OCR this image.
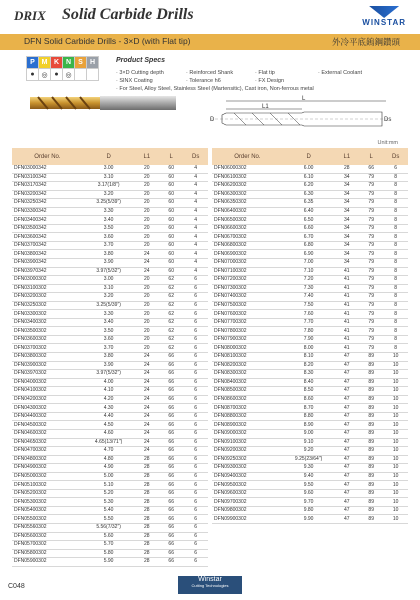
DRIX Solid Carbide Drills	WINSTAR
DFN Solid Carbide Drills - 3×D (with Flat tip)	外冷平底鎢鋼鑽頭
P	M	K	N	S	H
●	◎	●	◎		
Product Specs
· 3×D Cutting depth	· Reinforced Shank	· Flat tip	· External Coolant
· SINX Coating	· Tolerance h6	· FX Design
· For Steel, Alloy Steel, Stainless Steel (Martensitic), Cast iron, Non-ferrous metal
L
L1
D	Ds
Unit:mm
Order No.	D	L1	L	Ds
DFN03000342	3.00	20	60	4
DFN03100342	3.10	20	60	4
DFN03170342	3.17(1/8")	20	60	4
DFN03200342	3.20	20	60	4
DFN03250342	3.25(5/39")	20	60	4
DFN03300342	3.30	20	60	4
DFN03400342	3.40	20	60	4
DFN03500342	3.50	20	60	4
DFN03600342	3.60	20	60	4
DFN03700342	3.70	20	60	4
DFN03800342	3.80	24	60	4
DFN03900342	3.90	24	60	4
DFN03970342	3.97(5/32")	24	60	4
DFN03000302	3.00	20	62	6
DFN03100302	3.10	20	62	6
DFN03200302	3.20	20	62	6
DFN03250302	3.25(5/39")	20	62	6
DFN03300302	3.30	20	62	6
DFN03400302	3.40	20	62	6
DFN03500302	3.50	20	62	6
DFN03600302	3.60	20	62	6
DFN03700302	3.70	20	62	6
DFN03800302	3.80	24	66	6
DFN03900302	3.90	24	66	6
DFN03970302	3.97(5/32")	24	66	6
DFN04000302	4.00	24	66	6
DFN04100302	4.10	24	66	6
DFN04200302	4.20	24	66	6
DFN04300302	4.30	24	66	6
DFN04400302	4.40	24	66	6
DFN04500302	4.50	24	66	6
DFN04600302	4.60	24	66	6
DFN04650302	4.65(13/71")	24	66	6
DFN04700302	4.70	24	66	6
DFN04800302	4.80	28	66	6
DFN04900302	4.90	28	66	6
DFN05000302	5.00	28	66	6
DFN05100302	5.10	28	66	6
DFN05200302	5.20	28	66	6
DFN05300302	5.30	28	66	6
DFN05400302	5.40	28	66	6
DFN05500302	5.50	28	66	6
DFN05560302	5.56(7/32")	28	66	6
DFN05600302	5.60	28	66	6
DFN05700302	5.70	28	66	6
DFN05800302	5.80	28	66	6
DFN05900302	5.90	28	66	6
Order No.	D	L1	L	Ds
DFN06000302	6.00	28	66	6
DFN06100302	6.10	34	79	8
DFN06200302	6.20	34	79	8
DFN06300302	6.30	34	79	8
DFN06350302	6.35	34	79	8
DFN06400302	6.40	34	79	8
DFN06500302	6.50	34	79	8
DFN06600302	6.60	34	79	8
DFN06700302	6.70	34	79	8
DFN06800302	6.80	34	79	8
DFN06900302	6.90	34	79	8
DFN07000302	7.00	34	79	8
DFN07100302	7.10	41	79	8
DFN07200302	7.20	41	79	8
DFN07300302	7.30	41	79	8
DFN07400302	7.40	41	79	8
DFN07500302	7.50	41	79	8
DFN07600302	7.60	41	79	8
DFN07700302	7.70	41	79	8
DFN07800302	7.80	41	79	8
DFN07900302	7.90	41	79	8
DFN08000302	8.00	41	79	8
DFN08100302	8.10	47	89	10
DFN08200302	8.20	47	89	10
DFN08300302	8.30	47	89	10
DFN08400302	8.40	47	89	10
DFN08500302	8.50	47	89	10
DFN08600302	8.60	47	89	10
DFN08700302	8.70	47	89	10
DFN08800302	8.80	47	89	10
DFN08900302	8.90	47	89	10
DFN09000302	9.00	47	89	10
DFN09100302	9.10	47	89	10
DFN09200302	9.20	47	89	10
DFN09250302	9.25(23/64")	47	89	10
DFN09300302	9.30	47	89	10
DFN09400302	9.40	47	89	10
DFN09500302	9.50	47	89	10
DFN09600302	9.60	47	89	10
DFN09700302	9.70	47	89	10
DFN09800302	9.80	47	89	10
DFN09900302	9.90	47	89	10
C048
Winstar
Cutting Technologies
